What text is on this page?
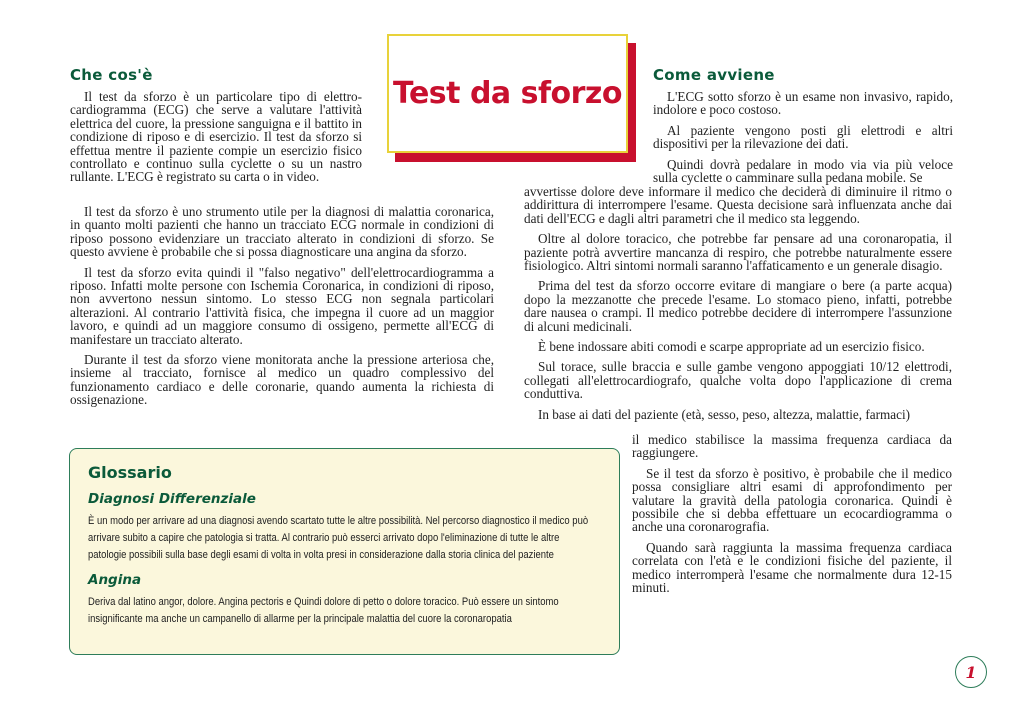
Test da sforzo
Che cos'è

Il test da sforzo è un particolare tipo di elettro-cardiogramma (ECG) che serve a valutare l'attività elettrica del cuore, la pressione sanguigna e il battito in condizione di riposo e di esercizio. Il test da sforzo si effettua mentre il paziente compie un esercizio fisico controllato e continuo sulla cyclette o su un nastro rullante. L'ECG è registrato su carta o in video.

Il test da sforzo è uno strumento utile per la diagnosi di malattia coronarica, in quanto molti pazienti che hanno un tracciato ECG normale in condizioni di riposo possono evidenziare un tracciato alterato in condizioni di sforzo. Se questo avviene è probabile che si possa diagnosticare una angina da sforzo.

Il test da sforzo evita quindi il "falso negativo" dell'elettrocardiogramma a riposo. Infatti molte persone con Ischemia Coronarica, in condizioni di riposo, non avvertono nessun sintomo. Lo stesso ECG non segnala particolari alterazioni. Al contrario l'attività fisica, che impegna il cuore ad un maggior lavoro, e quindi ad un maggiore consumo di ossigeno, permette all'ECG di manifestare un tracciato alterato.

Durante il test da sforzo viene monitorata anche la pressione arteriosa che, insieme al tracciato, fornisce al medico un quadro complessivo del funzionamento cardiaco e delle coronarie, quando aumenta la richiesta di ossigenazione.

Come avviene

L'ECG sotto sforzo è un esame non invasivo, rapido, indolore e poco costoso.

Al paziente vengono posti gli elettrodi e altri dispositivi per la rilevazione dei dati.

Quindi dovrà pedalare in modo via via più veloce sulla cyclette o camminare sulla pedana mobile. Se

avvertisse dolore deve informare il medico che deciderà di diminuire il ritmo o addirittura di interrompere l'esame. Questa decisione sarà influenzata anche dai dati dell'ECG e dagli altri parametri che il medico sta leggendo.

Oltre al dolore toracico, che potrebbe far pensare ad una coronaropatia, il paziente potrà avvertire mancanza di respiro, che potrebbe naturalmente essere fisiologico. Altri sintomi normali saranno l'affaticamento e un generale disagio.

Prima del test da sforzo occorre evitare di mangiare o bere (a parte acqua) dopo la mezzanotte che precede l'esame. Lo stomaco pieno, infatti, potrebbe dare nausea o crampi. Il medico potrebbe decidere di interrompere l'assunzione di alcuni medicinali.

È bene indossare abiti comodi e scarpe appropriate ad un esercizio fisico.

Sul torace, sulle braccia e sulle gambe vengono appoggiati 10/12 elettrodi, collegati all'elettrocardiografo, qualche volta dopo l'applicazione di crema conduttiva.

In base ai dati del paziente (età, sesso, peso, altezza, malattie, farmaci)

il medico stabilisce la massima frequenza cardiaca da raggiungere.

Se il test da sforzo è positivo, è probabile che il medico possa consigliare altri esami di approfondimento per valutare la gravità della patologia coronarica. Quindi è possibile che si debba effettuare un ecocardiogramma o anche una coronarografia.

Quando sarà raggiunta la massima frequenza cardiaca correlata con l'età e le condizioni fisiche del paziente, il medico interromperà l'esame che normalmente dura 12-15 minuti.

Glossario
Diagnosi Differenziale

È un modo per arrivare ad una diagnosi avendo scartato tutte le altre possibilità. Nel percorso diagnostico il medico può arrivare subito a capire che patologia si tratta. Al contrario può esserci arrivato dopo l'eliminazione di tutte le altre patologie possibili sulla base degli esami di volta in volta presi in considerazione dalla storia clinica del paziente

Angina

Deriva dal latino angor, dolore. Angina pectoris e Quindi dolore di petto o dolore toracico. Può essere un sintomo insignificante ma anche un campanello di allarme per la principale malattia del cuore la coronaropatia

1
